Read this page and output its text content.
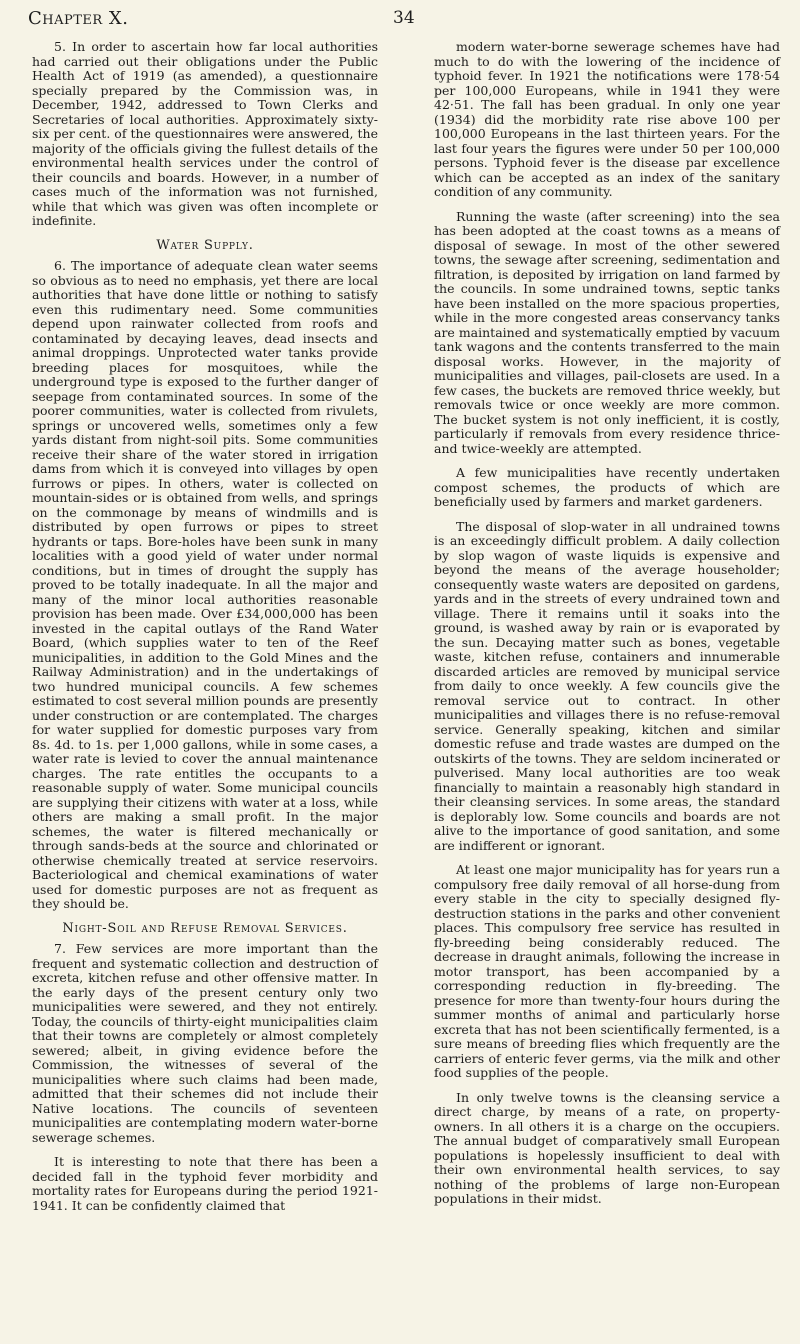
Chapter X.	34

5. In order to ascertain how far local authorities had carried out their obligations under the Public Health Act of 1919 (as amended), a questionnaire specially prepared by the Commission was, in December, 1942, addressed to Town Clerks and Secretaries of local authorities. Approximately sixty-six per cent. of the questionnaires were answered, the majority of the officials giving the fullest details of the environmental health services under the control of their councils and boards. However, in a number of cases much of the information was not furnished, while that which was given was often incomplete or indefinite.

Water Supply.

6. The importance of adequate clean water seems so obvious as to need no emphasis, yet there are local authorities that have done little or nothing to satisfy even this rudimentary need. Some communities depend upon rainwater collected from roofs and contaminated by decaying leaves, dead insects and animal droppings. Unprotected water tanks provide breeding places for mosquitoes, while the underground type is exposed to the further danger of seepage from contaminated sources. In some of the poorer communities, water is collected from rivulets, springs or uncovered wells, sometimes only a few yards distant from night-soil pits. Some communities receive their share of the water stored in irrigation dams from which it is conveyed into villages by open furrows or pipes. In others, water is collected on mountain-sides or is obtained from wells, and springs on the commonage by means of windmills and is distributed by open furrows or pipes to street hydrants or taps. Bore-holes have been sunk in many localities with a good yield of water under normal conditions, but in times of drought the supply has proved to be totally inadequate. In all the major and many of the minor local authorities reasonable provision has been made. Over £34,000,000 has been invested in the capital outlays of the Rand Water Board, (which supplies water to ten of the Reef municipalities, in addition to the Gold Mines and the Railway Administration) and in the undertakings of two hundred municipal councils. A few schemes estimated to cost several million pounds are presently under construction or are contemplated. The charges for water supplied for domestic purposes vary from 8s. 4d. to 1s. per 1,000 gallons, while in some cases, a water rate is levied to cover the annual maintenance charges. The rate entitles the occupants to a reasonable supply of water. Some municipal councils are supplying their citizens with water at a loss, while others are making a small profit. In the major schemes, the water is filtered mechanically or through sands-beds at the source and chlorinated or otherwise chemically treated at service reservoirs. Bacteriological and chemical examinations of water used for domestic purposes are not as frequent as they should be.

Night-Soil and Refuse Removal Services.

7. Few services are more important than the frequent and systematic collection and destruction of excreta, kitchen refuse and other offensive matter. In the early days of the present century only two municipalities were sewered, and they not entirely. Today, the councils of thirty-eight municipalities claim that their towns are completely or almost completely sewered; albeit, in giving evidence before the Commission, the witnesses of several of the municipalities where such claims had been made, admitted that their schemes did not include their Native locations. The councils of seventeen municipalities are contemplating modern water-borne sewerage schemes.

It is interesting to note that there has been a decided fall in the typhoid fever morbidity and mortality rates for Europeans during the period 1921-1941. It can be confidently claimed that

modern water-borne sewerage schemes have had much to do with the lowering of the incidence of typhoid fever. In 1921 the notifications were 178·54 per 100,000 Europeans, while in 1941 they were 42·51. The fall has been gradual. In only one year (1934) did the morbidity rate rise above 100 per 100,000 Europeans in the last thirteen years. For the last four years the figures were under 50 per 100,000 persons. Typhoid fever is the disease par excellence which can be accepted as an index of the sanitary condition of any community.

Running the waste (after screening) into the sea has been adopted at the coast towns as a means of disposal of sewage. In most of the other sewered towns, the sewage after screening, sedimentation and filtration, is deposited by irrigation on land farmed by the councils. In some undrained towns, septic tanks have been installed on the more spacious properties, while in the more congested areas conservancy tanks are maintained and systematically emptied by vacuum tank wagons and the contents transferred to the main disposal works. However, in the majority of municipalities and villages, pail-closets are used. In a few cases, the buckets are removed thrice weekly, but removals twice or once weekly are more common. The bucket system is not only inefficient, it is costly, particularly if removals from every residence thrice- and twice-weekly are attempted.

A few municipalities have recently undertaken compost schemes, the products of which are beneficially used by farmers and market gardeners.

The disposal of slop-water in all undrained towns is an exceedingly difficult problem. A daily collection by slop wagon of waste liquids is expensive and beyond the means of the average householder; consequently waste waters are deposited on gardens, yards and in the streets of every undrained town and village. There it remains until it soaks into the ground, is washed away by rain or is evaporated by the sun. Decaying matter such as bones, vegetable waste, kitchen refuse, containers and innumerable discarded articles are removed by municipal service from daily to once weekly. A few councils give the removal service out to contract. In other municipalities and villages there is no refuse-removal service. Generally speaking, kitchen and similar domestic refuse and trade wastes are dumped on the outskirts of the towns. They are seldom incinerated or pulverised. Many local authorities are too weak financially to maintain a reasonably high standard in their cleansing services. In some areas, the standard is deplorably low. Some councils and boards are not alive to the importance of good sanitation, and some are indifferent or ignorant.

At least one major municipality has for years run a compulsory free daily removal of all horse-dung from every stable in the city to specially designed fly-destruction stations in the parks and other convenient places. This compulsory free service has resulted in fly-breeding being considerably reduced. The decrease in draught animals, following the increase in motor transport, has been accompanied by a corresponding reduction in fly-breeding. The presence for more than twenty-four hours during the summer months of animal and particularly horse excreta that has not been scientifically fermented, is a sure means of breeding flies which frequently are the carriers of enteric fever germs, via the milk and other food supplies of the people.

In only twelve towns is the cleansing service a direct charge, by means of a rate, on property-owners. In all others it is a charge on the occupiers. The annual budget of comparatively small European populations is hopelessly insufficient to deal with their own environmental health services, to say nothing of the problems of large non-European populations in their midst.
